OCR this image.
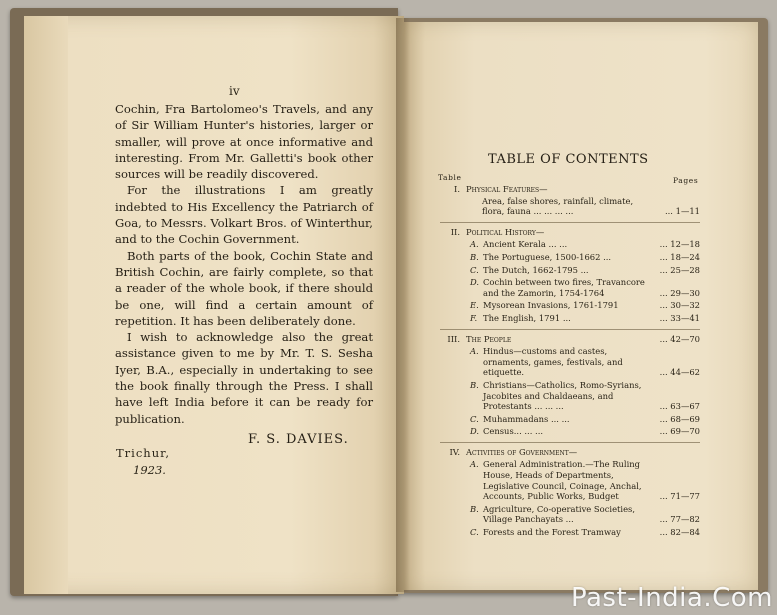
iv

Cochin, Fra Bartolomeo's Travels, and any of Sir William Hunter's histories, larger or smaller, will prove at once informative and interesting. From Mr. Galletti's book other sources will be readily discovered.

For the illustrations I am greatly indebted to His Excellency the Patriarch of Goa, to Messrs. Volkart Bros. of Winterthur, and to the Cochin Government.

Both parts of the book, Cochin State and British Cochin, are fairly complete, so that a reader of the whole book, if there should be one, will find a certain amount of repetition. It has been deliberately done.

I wish to acknowledge also the great assistance given to me by Mr. T. S. Sesha Iyer, B.A., especially in undertaking to see the book finally through the Press. I shall have left India before it can be ready for publication.

F. S. DAVIES.
Trichur,
1923.
TABLE OF CONTENTS
Table	Pages
I. Physical Features—
Area, false shores, rainfall, climate, flora, fauna ... ... ... ...	... 1—11
II. Political History—
A. Ancient Kerala ... ...	... 12—18
B. The Portuguese, 1500-1662 ...	... 18—24
C. The Dutch, 1662-1795 ...	... 25—28
D. Cochin between two fires, Travancore and the Zamorin, 1754-1764	... 29—30
E. Mysorean Invasions, 1761-1791	... 30—32
F. The English, 1791 ...	... 33—41
III. The People	... 42—70
A. Hindus—customs and castes, ornaments, games, festivals, and etiquette.	... 44—62
B. Christians—Catholics, Romo-Syrians, Jacobites and Chaldaeans, and Protestants ... ... ...	... 63—67
C. Muhammadans ... ...	... 68—69
D. Census... ... ...	... 69—70
IV. Activities of Government—
A. General Administration.—The Ruling House, Heads of Departments, Legislative Council, Coinage, Anchal, Accounts, Public Works, Budget	... 71—77
B. Agriculture, Co-operative Societies, Village Panchayats ...	... 77—82
C. Forests and the Forest Tramway	... 82—84
Past-India.Com
